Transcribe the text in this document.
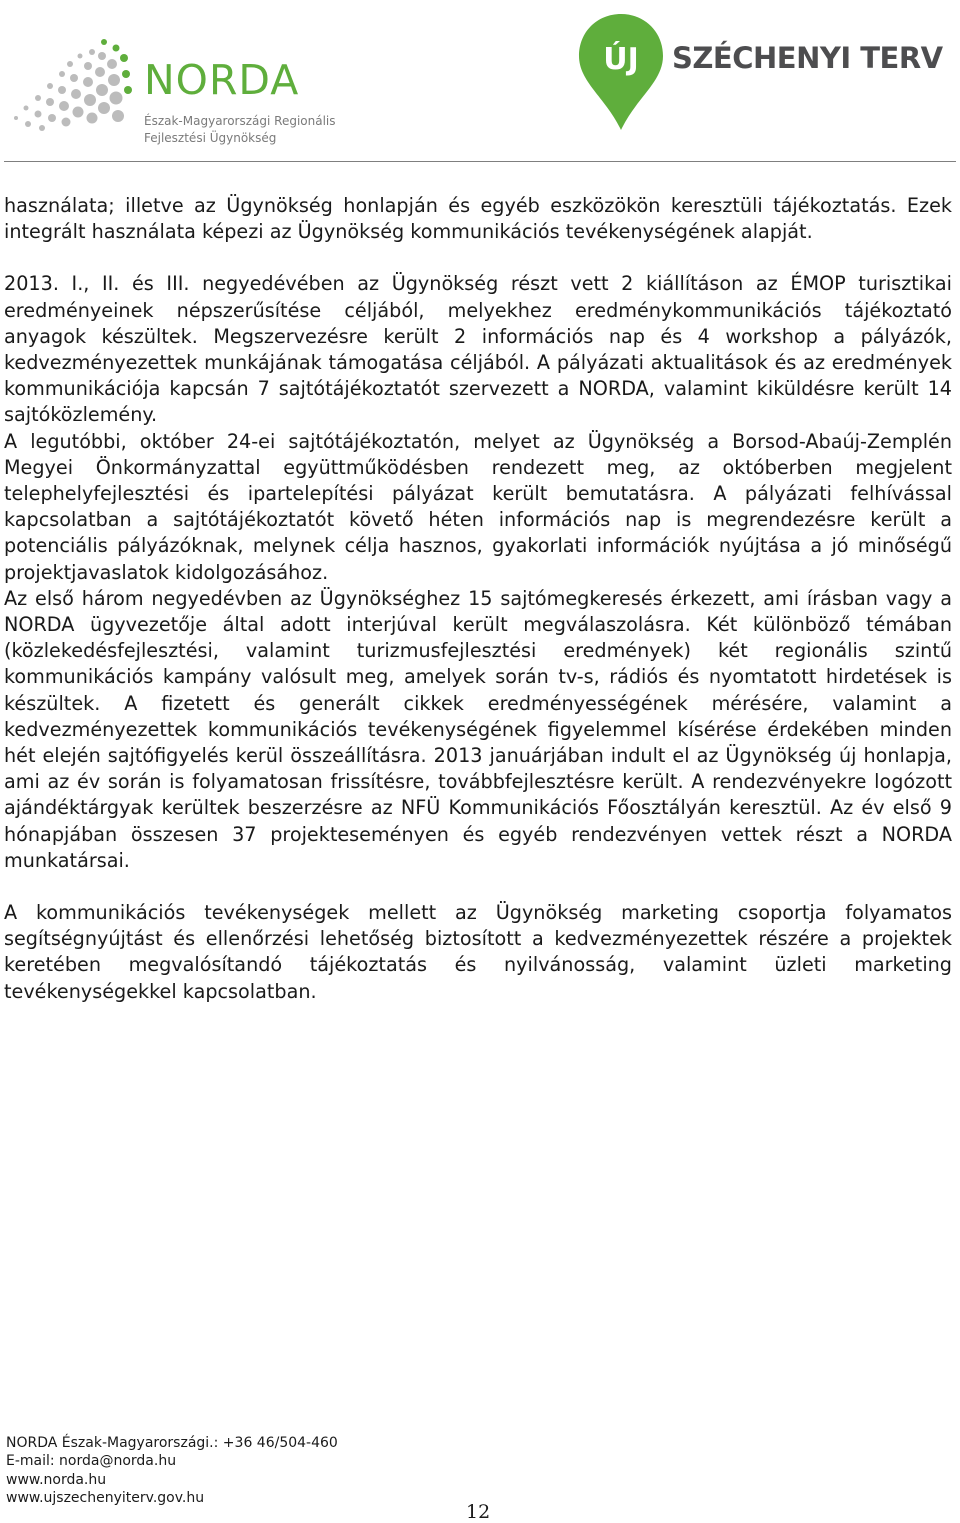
NORDA
Észak-Magyarországi Regionális
Fejlesztési Ügynökség
ÚJ SZÉCHENYI TERV

használata; illetve az Ügynökség honlapján és egyéb eszközökön keresztüli tájékoztatás. Ezek integrált használata képezi az Ügynökség kommunikációs tevékenységének alapját.

2013. I., II. és III. negyedévében az Ügynökség részt vett 2 kiállításon az ÉMOP turisztikai eredményeinek népszerűsítése céljából, melyekhez eredménykommunikációs tájékoztató anyagok készültek. Megszervezésre került 2 információs nap és 4 workshop a pályázók, kedvezményezettek munkájának támogatása céljából. A pályázati aktualitások és az eredmények kommunikációja kapcsán 7 sajtótájékoztatót szervezett a NORDA, valamint kiküldésre került 14 sajtóközlemény.

A legutóbbi, október 24-ei sajtótájékoztatón, melyet az Ügynökség a Borsod-Abaúj-Zemplén Megyei Önkormányzattal együttműködésben rendezett meg, az októberben megjelent telephelyfejlesztési és ipartelepítési pályázat került bemutatásra. A pályázati felhívással kapcsolatban a sajtótájékoztatót követő héten információs nap is megrendezésre került a potenciális pályázóknak, melynek célja hasznos, gyakorlati információk nyújtása a jó minőségű projektjavaslatok kidolgozásához.

Az első három negyedévben az Ügynökséghez 15 sajtómegkeresés érkezett, ami írásban vagy a NORDA ügyvezetője által adott interjúval került megválaszolásra. Két különböző témában (közlekedésfejlesztési, valamint turizmusfejlesztési eredmények) két regionális szintű kommunikációs kampány valósult meg, amelyek során tv-s, rádiós és nyomtatott hirdetések is készültek. A fizetett és generált cikkek eredményességének mérésére, valamint a kedvezményezettek kommunikációs tevékenységének figyelemmel kísérése érdekében minden hét elején sajtófigyelés kerül összeállításra. 2013 januárjában indult el az Ügynökség új honlapja, ami az év során is folyamatosan frissítésre, továbbfejlesztésre került. A rendezvényekre logózott ajándéktárgyak kerültek beszerzésre az NFÜ Kommunikációs Főosztályán keresztül. Az év első 9 hónapjában összesen 37 projekteseményen és egyéb rendezvényen vettek részt a NORDA munkatársai.

A kommunikációs tevékenységek mellett az Ügynökség marketing csoportja folyamatos segítségnyújtást és ellenőrzési lehetőség biztosított a kedvezményezettek részére a projektek keretében megvalósítandó tájékoztatás és nyilvánosság, valamint üzleti marketing tevékenységekkel kapcsolatban.

NORDA Észak-Magyarországi.: +36 46/504-460
E-mail: norda@norda.hu
www.norda.hu
www.ujszechenyiterv.gov.hu
12
